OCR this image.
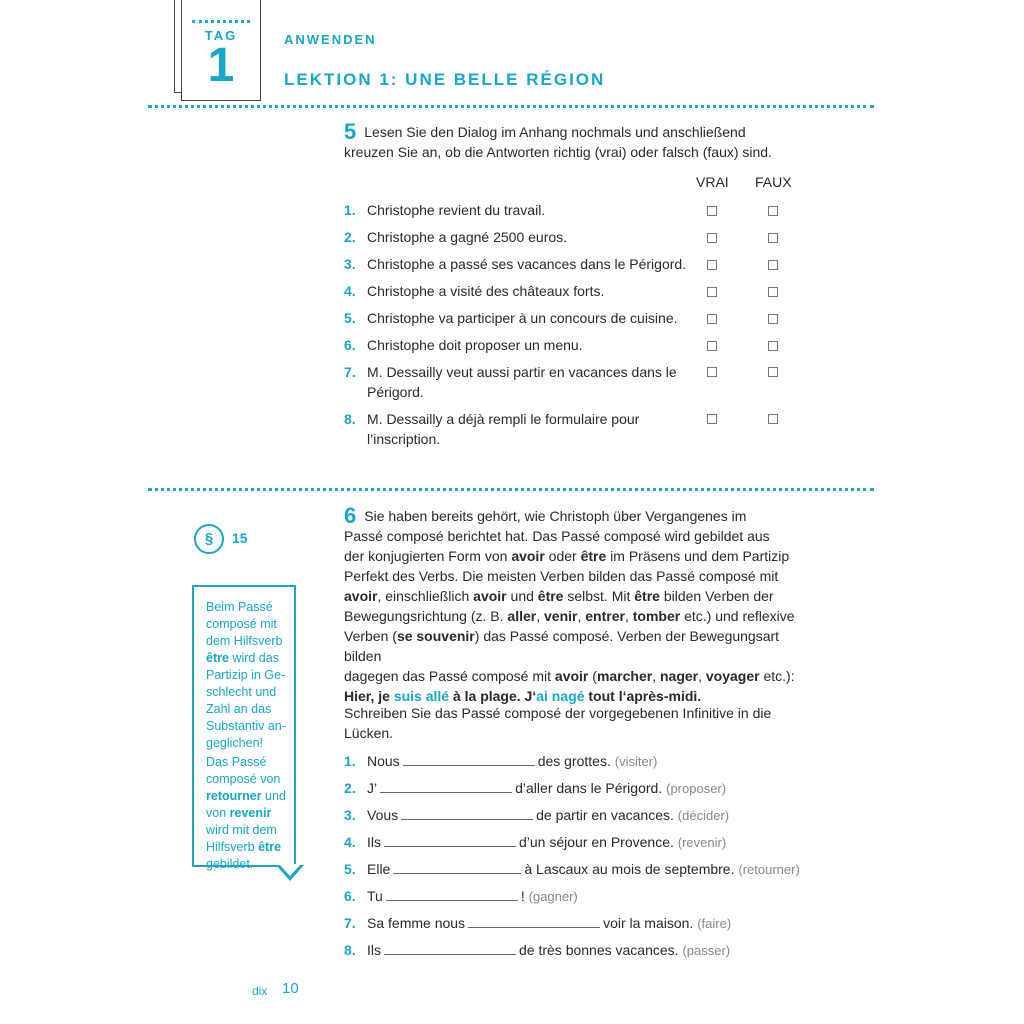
TAG
1	ANWENDEN
LEKTION 1: UNE BELLE RÉGION
5 Lesen Sie den Dialog im Anhang nochmals und anschließend
kreuzen Sie an, ob die Antworten richtig (vrai) oder falsch (faux) sind.
VRAI FAUX
1. Christophe revient du travail.
2. Christophe a gagné 2500 euros.
3. Christophe a passé ses vacances dans le Périgord.
4. Christophe a visité des châteaux forts.
5. Christophe va participer à un concours de cuisine.
6. Christophe doit proposer un menu.
7. M. Dessailly veut aussi partir en vacances dans le
Périgord.
8. M. Dessailly a déjà rempli le formulaire pour
l’inscription.
§	15

Beim Passé composé mit dem Hilfsverb être wird das Partizip in Geschlecht und Zahl an das Substantiv angeglichen!

Das Passé composé von retourner und von revenir wird mit dem Hilfsverb être gebildet.

6 Sie haben bereits gehört, wie Christoph über Vergangenes im
Passé composé berichtet hat. Das Passé composé wird gebildet aus
der konjugierten Form von avoir oder être im Präsens und dem Partizip
Perfekt des Verbs. Die meisten Verben bilden das Passé composé mit
avoir, einschließlich avoir und être selbst. Mit être bilden Verben der
Bewegungsrichtung (z. B. aller, venir, entrer, tomber etc.) und reflexive
Verben (se souvenir) das Passé composé. Verben der Bewegungsart bilden
dagegen das Passé composé mit avoir (marcher, nager, voyager etc.):
Hier, je suis allé à la plage. J‘ai nagé tout l‘après-midi.
Schreiben Sie das Passé composé der vorgegebenen Infinitive in die
Lücken.
1. Nous	des grottes. (visiter)
2. J’	d’aller dans le Périgord. (proposer)
3. Vous	de partir en vacances. (décider)
4. Ils	d’un séjour en Provence. (revenir)
5. Elle	à Lascaux au mois de septembre. (retourner)
6. Tu	! (gagner)
7. Sa femme nous	voir la maison. (faire)
8. Ils	de très bonnes vacances. (passer)
dix 10
